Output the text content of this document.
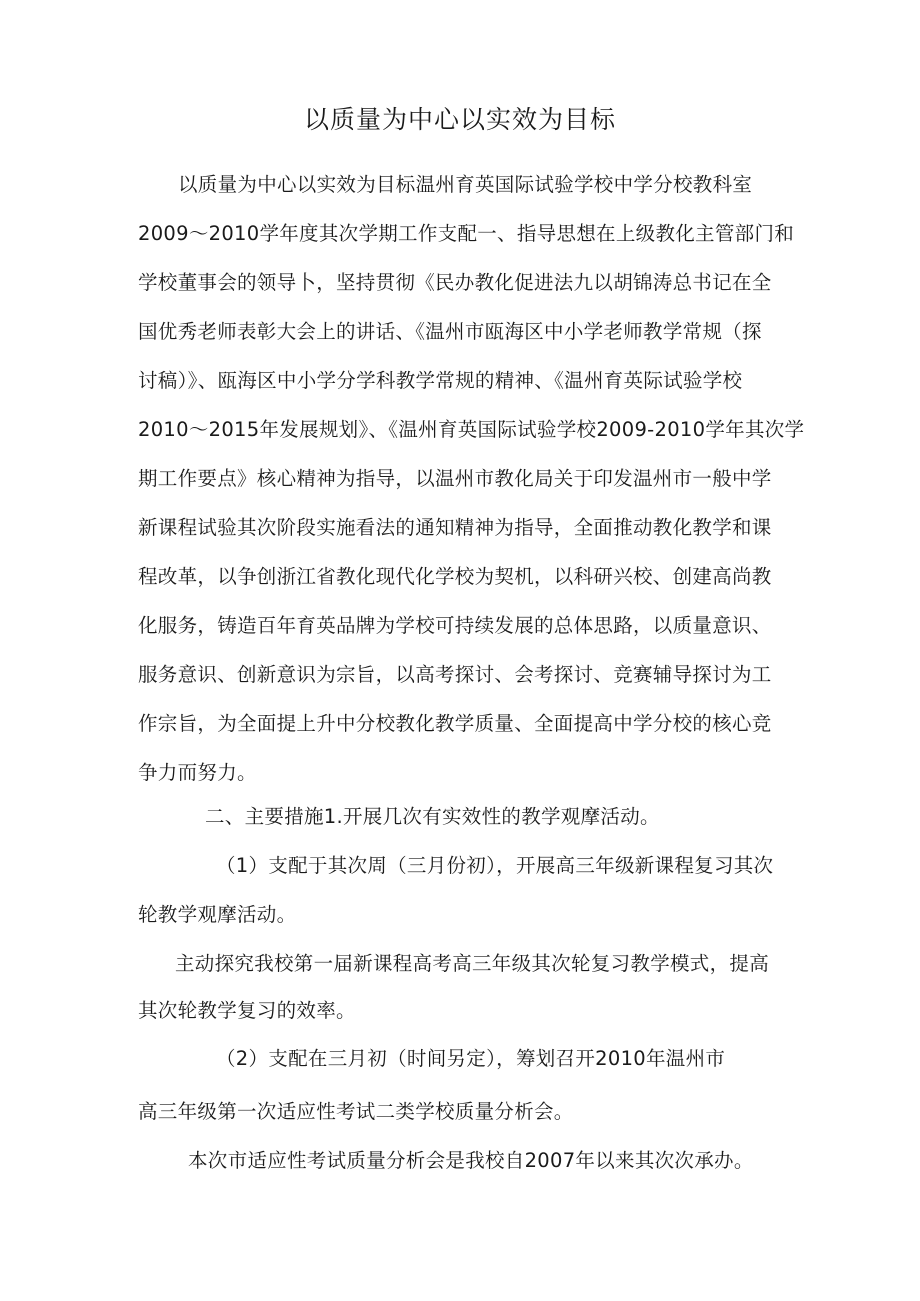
以质量为中心以实效为目标
以质量为中心以实效为目标温州育英国际试验学校中学分校教科室
2009～2010学年度其次学期工作支配一、指导思想在上级教化主管部门和
学校董事会的领导卜，坚持贯彻《民办教化促进法九以胡锦涛总书记在全
国优秀老师表彰大会上的讲话、《温州市瓯海区中小学老师教学常规（探
讨稿）》、瓯海区中小学分学科教学常规的精神、《温州育英际试验学校
2010～2015年发展规划》、《温州育英国际试验学校2009-2010学年其次学
期工作要点》核心精神为指导，以温州市教化局关于印发温州市一般中学
新课程试验其次阶段实施看法的通知精神为指导，全面推动教化教学和课
程改革，以争创浙江省教化现代化学校为契机，以科研兴校、创建高尚教
化服务，铸造百年育英品牌为学校可持续发展的总体思路，以质量意识、
服务意识、创新意识为宗旨，以高考探讨、会考探讨、竞赛辅导探讨为工
作宗旨，为全面提上升中分校教化教学质量、全面提高中学分校的核心竞
争力而努力。
二、主要措施1.开展几次有实效性的教学观摩活动。
（1）支配于其次周（三月份初），开展高三年级新课程复习其次
轮教学观摩活动。
主动探究我校第一届新课程高考高三年级其次轮复习教学模式，提高
其次轮教学复习的效率。
（2）支配在三月初（时间另定），筹划召开2010年温州市
高三年级第一次适应性考试二类学校质量分析会。
本次市适应性考试质量分析会是我校自2007年以来其次次承办。
